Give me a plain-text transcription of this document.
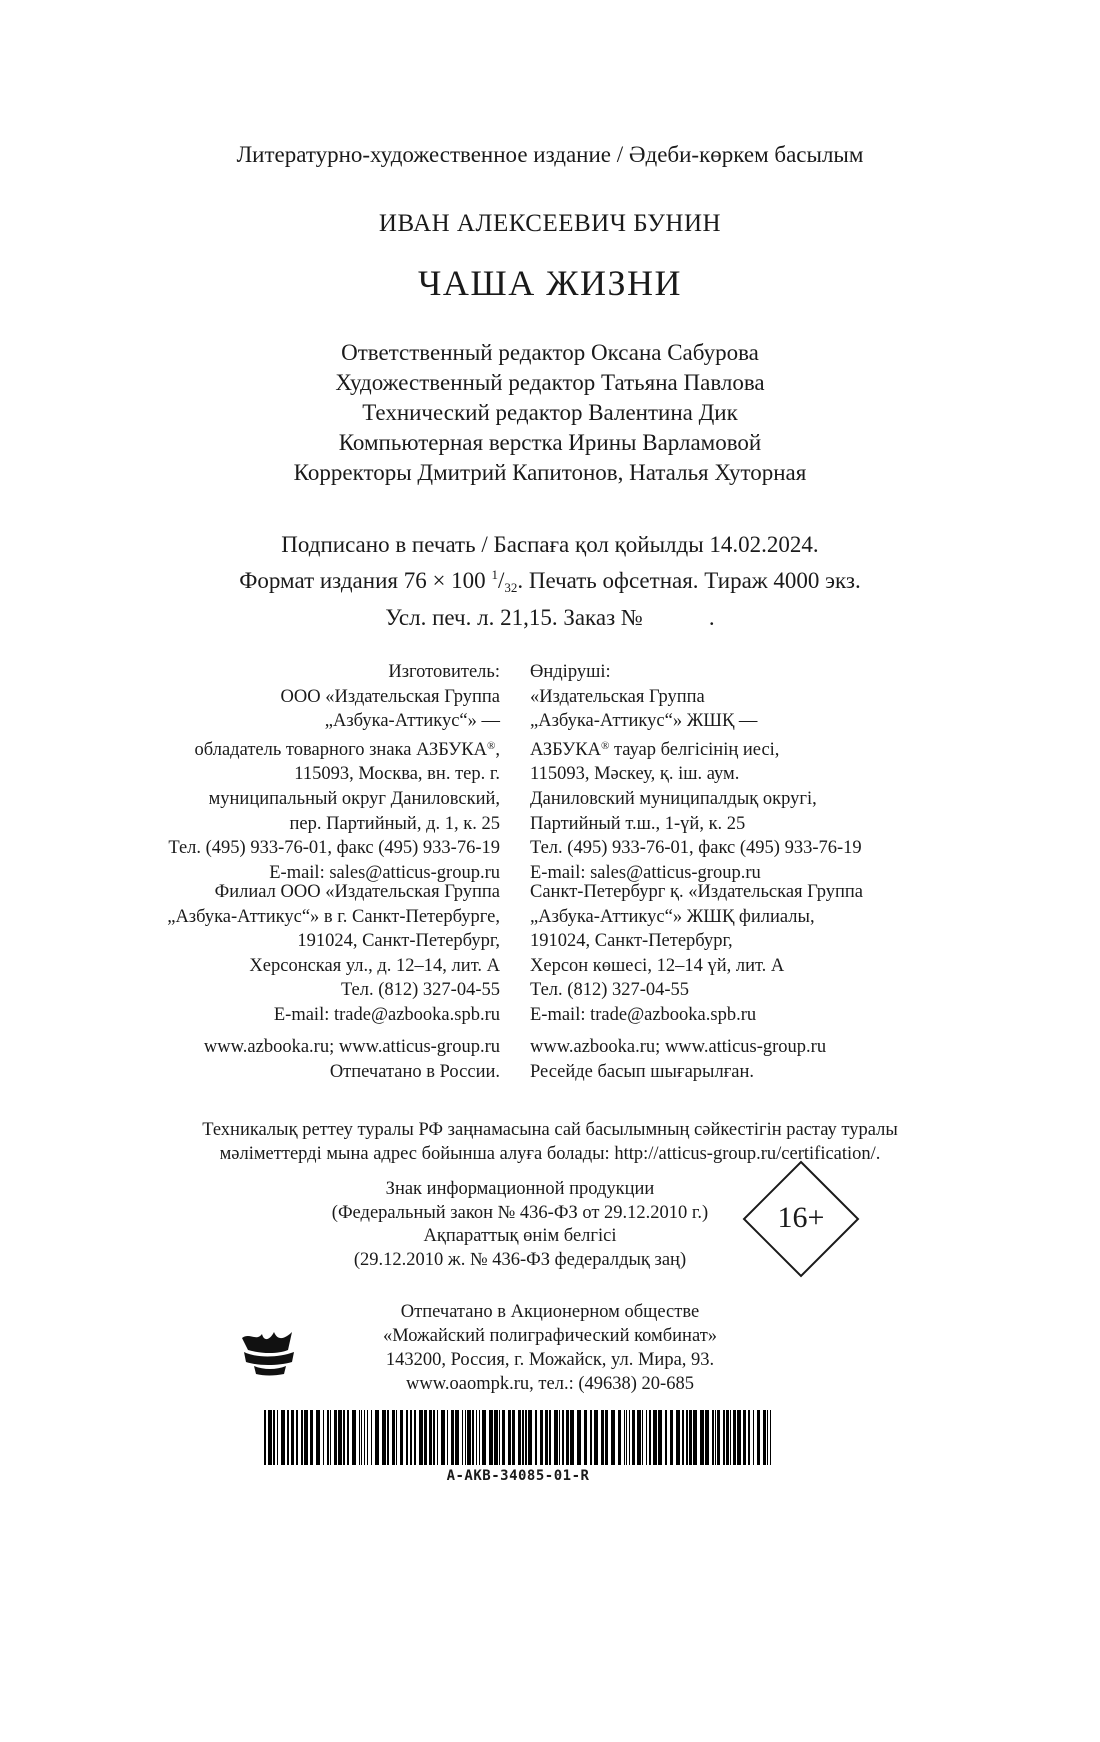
Литературно-художественное издание / Әдеби-көркем басылым
ИВАН АЛЕКСЕЕВИЧ БУНИН
ЧАША ЖИЗНИ
Ответственный редактор Оксана Сабурова
Художественный редактор Татьяна Павлова
Технический редактор Валентина Дик
Компьютерная верстка Ирины Варламовой
Корректоры Дмитрий Капитонов, Наталья Хуторная
Подписано в печать / Баспаға қол қойылды 14.02.2024.
Формат издания 76 × 100 $^1/_{32}$. Печать офсетная. Тираж 4000 экз.
Усл. печ. л. 21,15. Заказ №	.
Изготовитель:
ООО «Издательская Группа
„Азбука-Аттикус“» —
обладатель товарного знака АЗБУКА®,
115093, Москва, вн. тер. г.
муниципальный округ Даниловский,
пер. Партийный, д. 1, к. 25
Тел. (495) 933-76-01, факс (495) 933-76-19
E-mail: sales@atticus-group.ru
Өндіруші:
«Издательская Группа
„Азбука-Аттикус“» ЖШҚ —
АЗБУКА® тауар белгісінің иесі,
115093, Мәскеу, қ. іш. аум.
Даниловский муниципалдық округі,
Партийный т.ш., 1-үй, к. 25
Тел. (495) 933-76-01, факс (495) 933-76-19
E-mail: sales@atticus-group.ru
Филиал ООО «Издательская Группа
„Азбука-Аттикус“» в г. Санкт-Петербурге,
191024, Санкт-Петербург,
Херсонская ул., д. 12–14, лит. А
Тел. (812) 327-04-55
E-mail: trade@azbooka.spb.ru
Санкт-Петербург қ. «Издательская Группа
„Азбука-Аттикус“» ЖШҚ филиалы,
191024, Санкт-Петербург,
Херсон көшесі, 12–14 үй, лит. А
Тел. (812) 327-04-55
E-mail: trade@azbooka.spb.ru
www.azbooka.ru; www.atticus-group.ru
Отпечатано в России.
www.azbooka.ru; www.atticus-group.ru
Ресейде басып шығарылған.
Техникалық реттеу туралы РФ заңнамасына сай басылымның сәйкестігін растау туралы
мәліметтерді мына адрес бойынша алуға болады: http://atticus-group.ru/certification/.
Знак информационной продукции
(Федеральный закон № 436-ФЗ от 29.12.2010 г.)
Ақпараттық өнім белгісі
(29.12.2010 ж. № 436-ФЗ федералдық заң)
16+
Отпечатано в Акционерном обществе
«Можайский полиграфический комбинат»
143200, Россия, г. Можайск, ул. Мира, 93.
www.oaompk.ru, тел.: (49638) 20-685
A-AKB-34085-01-R
